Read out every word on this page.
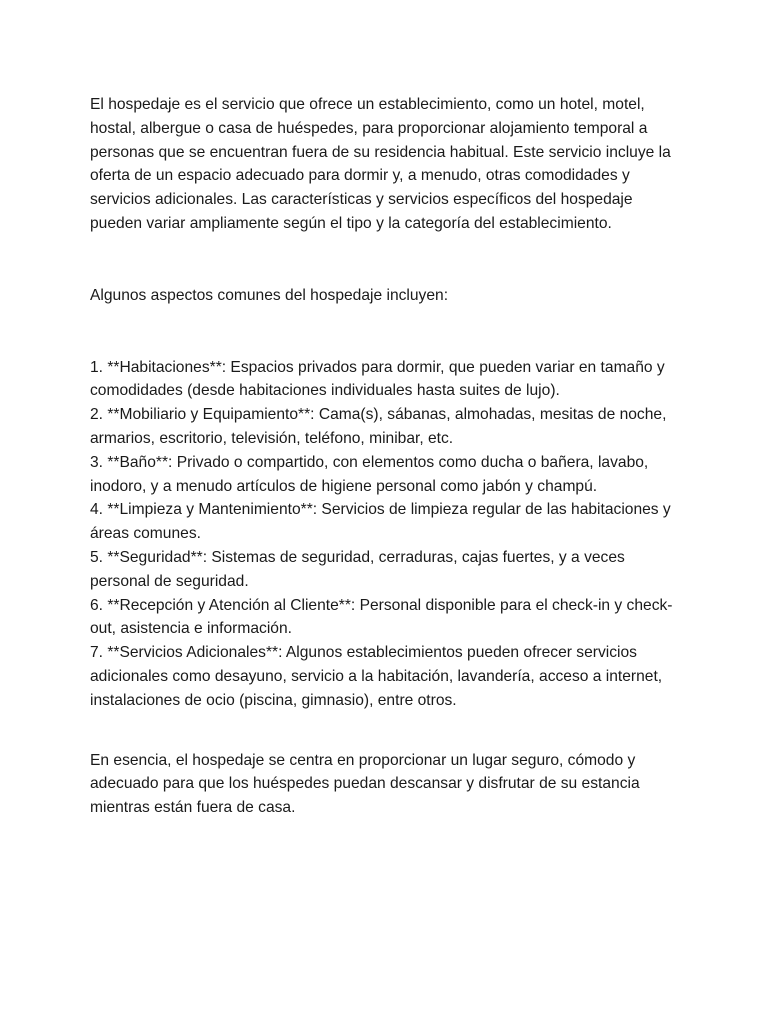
El hospedaje es el servicio que ofrece un establecimiento, como un hotel, motel, hostal, albergue o casa de huéspedes, para proporcionar alojamiento temporal a personas que se encuentran fuera de su residencia habitual. Este servicio incluye la oferta de un espacio adecuado para dormir y, a menudo, otras comodidades y servicios adicionales. Las características y servicios específicos del hospedaje pueden variar ampliamente según el tipo y la categoría del establecimiento.

Algunos aspectos comunes del hospedaje incluyen:

1. **Habitaciones**: Espacios privados para dormir, que pueden variar en tamaño y comodidades (desde habitaciones individuales hasta suites de lujo).

2. **Mobiliario y Equipamiento**: Cama(s), sábanas, almohadas, mesitas de noche, armarios, escritorio, televisión, teléfono, minibar, etc.

3. **Baño**: Privado o compartido, con elementos como ducha o bañera, lavabo, inodoro, y a menudo artículos de higiene personal como jabón y champú.

4. **Limpieza y Mantenimiento**: Servicios de limpieza regular de las habitaciones y áreas comunes.

5. **Seguridad**: Sistemas de seguridad, cerraduras, cajas fuertes, y a veces personal de seguridad.

6. **Recepción y Atención al Cliente**: Personal disponible para el check-in y check-out, asistencia e información.

7. **Servicios Adicionales**: Algunos establecimientos pueden ofrecer servicios adicionales como desayuno, servicio a la habitación, lavandería, acceso a internet, instalaciones de ocio (piscina, gimnasio), entre otros.

En esencia, el hospedaje se centra en proporcionar un lugar seguro, cómodo y adecuado para que los huéspedes puedan descansar y disfrutar de su estancia mientras están fuera de casa.
